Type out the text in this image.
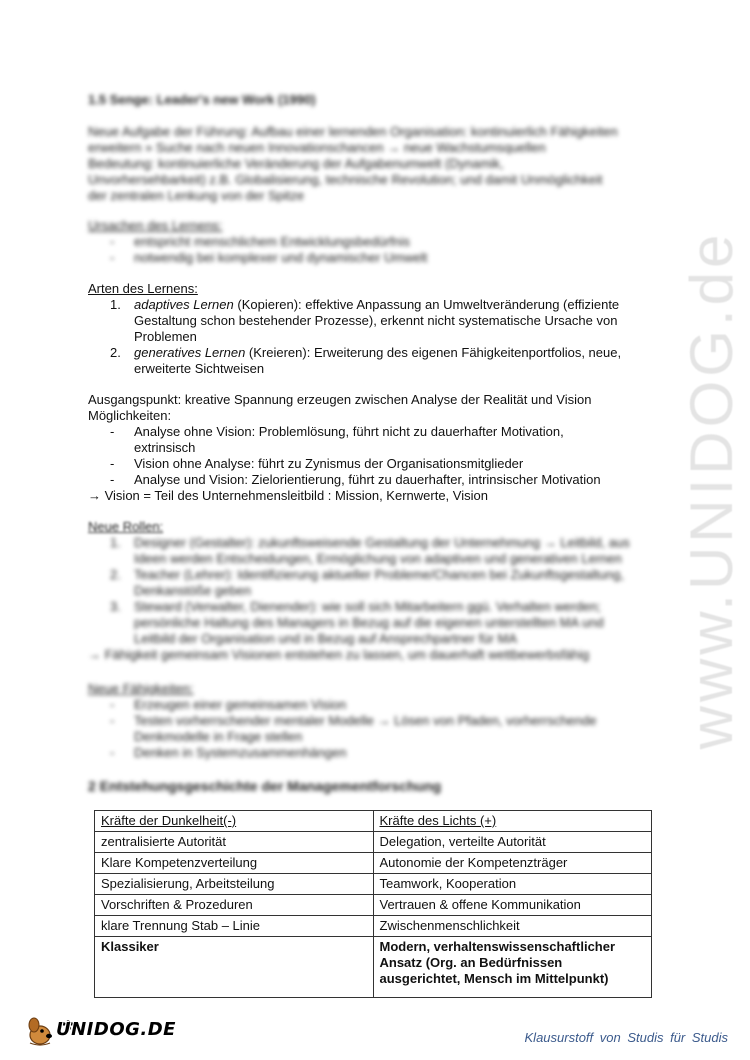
www.UNIDOG.de
1.5 Senge: Leader's new Work (1990)
Neue Aufgabe der Führung: Aufbau einer lernenden Organisation: kontinuierlich Fähigkeiten
erweitern » Suche nach neuen Innovationschancen → neue Wachstumsquellen
Bedeutung: kontinuierliche Veränderung der Aufgabenumwelt (Dynamik,
Unvorhersehbarkeit) z.B. Globalisierung, technische Revolution; und damit Unmöglichkeit
der zentralen Lenkung von der Spitze
Ursachen des Lernens:
- entspricht menschlichem Entwicklungsbedürfnis
- notwendig bei komplexer und dynamischer Umwelt
Arten des Lernens:
1. adaptives Lernen (Kopieren): effektive Anpassung an Umweltveränderung (effiziente
Gestaltung schon bestehender Prozesse), erkennt nicht systematische Ursache von
Problemen
2. generatives Lernen (Kreieren): Erweiterung des eigenen Fähigkeitenportfolios, neue,
erweiterte Sichtweisen
Ausgangspunkt: kreative Spannung erzeugen zwischen Analyse der Realität und Vision
Möglichkeiten:
- Analyse ohne Vision: Problemlösung, führt nicht zu dauerhafter Motivation,
extrinsisch
- Vision ohne Analyse: führt zu Zynismus der Organisationsmitglieder
- Analyse und Vision: Zielorientierung, führt zu dauerhafter, intrinsischer Motivation
→ Vision = Teil des Unternehmensleitbild : Mission, Kernwerte, Vision
Neue Rollen:
1. Designer (Gestalter): zukunftsweisende Gestaltung der Unternehmung → Leitbild, aus
Ideen werden Entscheidungen, Ermöglichung von adaptiven und generativen Lernen
2. Teacher (Lehrer): Identifizierung aktueller Probleme/Chancen bei Zukunftsgestaltung,
Denkanstöße geben
3. Steward (Verwalter, Dienender): wie soll sich Mitarbeitern ggü. Verhalten werden;
persönliche Haltung des Managers in Bezug auf die eigenen unterstellten MA und
Leitbild der Organisation und in Bezug auf Ansprechpartner für MA
→ Fähigkeit gemeinsam Visionen entstehen zu lassen, um dauerhaft wettbewerbsfähig
Neue Fähigkeiten:
- Erzeugen einer gemeinsamen Vision
- Testen vorherrschender mentaler Modelle → Lösen von Pfaden, vorherrschende
Denkmodelle in Frage stellen
- Denken in Systemzusammenhängen
2 Entstehungsgeschichte der Managementforschung
Kräfte der Dunkelheit(-)	Kräfte des Lichts (+)
zentralisierte Autorität	Delegation, verteilte Autorität
Klare Kompetenzverteilung	Autonomie der Kompetenzträger
Spezialisierung, Arbeitsteilung	Teamwork, Kooperation
Vorschriften & Prozeduren	Vertrauen & offene Kommunikation
klare Trennung Stab – Linie	Zwischenmenschlichkeit
Klassiker	Modern, verhaltenswissenschaftlicher
Ansatz (Org. an Bedürfnissen
ausgerichtet, Mensch im Mittelpunkt)
UNIDOG.DE	Klausurstoff von Studis für Studis
